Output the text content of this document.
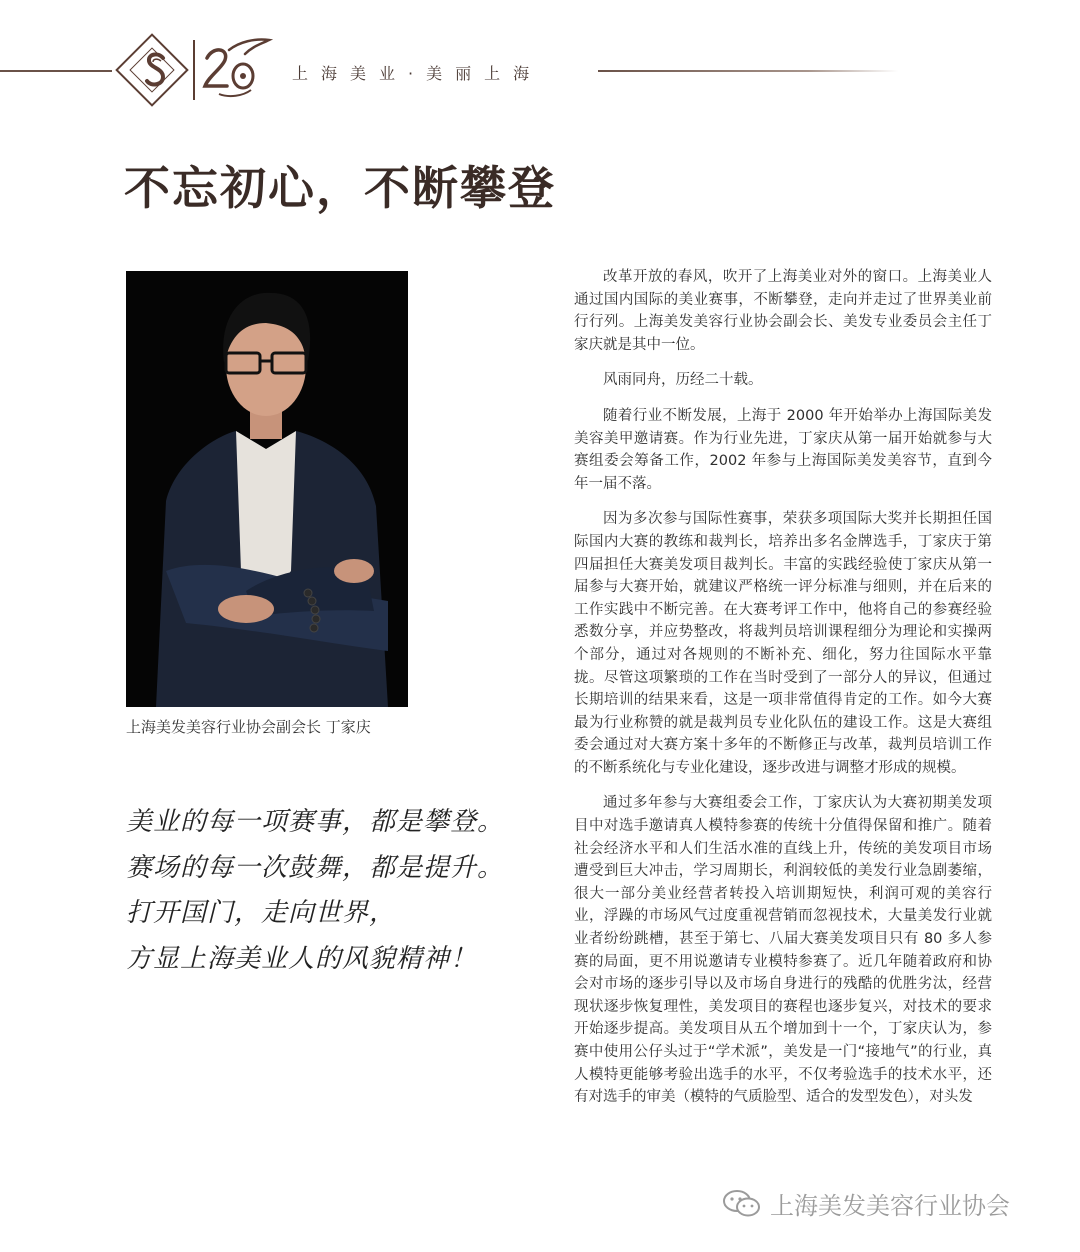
上海美业·美丽上海
不忘初心，不断攀登
上海美发美容行业协会副会长 丁家庆
美业的每一项赛事，都是攀登。
赛场的每一次鼓舞，都是提升。
打开国门，走向世界，
方显上海美业人的风貌精神！

改革开放的春风，吹开了上海美业对外的窗口。上海美业人通过国内国际的美业赛事，不断攀登，走向并走过了世界美业前行行列。上海美发美容行业协会副会长、美发专业委员会主任丁家庆就是其中一位。

风雨同舟，历经二十载。

随着行业不断发展，上海于 2000 年开始举办上海国际美发美容美甲邀请赛。作为行业先进，丁家庆从第一届开始就参与大赛组委会筹备工作，2002 年参与上海国际美发美容节，直到今年一届不落。

因为多次参与国际性赛事，荣获多项国际大奖并长期担任国际国内大赛的教练和裁判长，培养出多名金牌选手，丁家庆于第四届担任大赛美发项目裁判长。丰富的实践经验使丁家庆从第一届参与大赛开始，就建议严格统一评分标准与细则，并在后来的工作实践中不断完善。在大赛考评工作中，他将自己的参赛经验悉数分享，并应势整改，将裁判员培训课程细分为理论和实操两个部分，通过对各规则的不断补充、细化，努力往国际水平靠拢。尽管这项繁琐的工作在当时受到了一部分人的异议，但通过长期培训的结果来看，这是一项非常值得肯定的工作。如今大赛最为行业称赞的就是裁判员专业化队伍的建设工作。这是大赛组委会通过对大赛方案十多年的不断修正与改革，裁判员培训工作的不断系统化与专业化建设，逐步改进与调整才形成的规模。

通过多年参与大赛组委会工作，丁家庆认为大赛初期美发项目中对选手邀请真人模特参赛的传统十分值得保留和推广。随着社会经济水平和人们生活水准的直线上升，传统的美发项目市场遭受到巨大冲击，学习周期长，利润较低的美发行业急剧萎缩，很大一部分美业经营者转投入培训期短快，利润可观的美容行业，浮躁的市场风气过度重视营销而忽视技术，大量美发行业就业者纷纷跳槽，甚至于第七、八届大赛美发项目只有 80 多人参赛的局面，更不用说邀请专业模特参赛了。近几年随着政府和协会对市场的逐步引导以及市场自身进行的残酷的优胜劣汰，经营现状逐步恢复理性，美发项目的赛程也逐步复兴，对技术的要求开始逐步提高。美发项目从五个增加到十一个，丁家庆认为，参赛中使用公仔头过于“学术派”，美发是一门“接地气”的行业，真人模特更能够考验出选手的水平，不仅考验选手的技术水平，还有对选手的审美（模特的气质脸型、适合的发型发色），对头发

上海美发美容行业协会
